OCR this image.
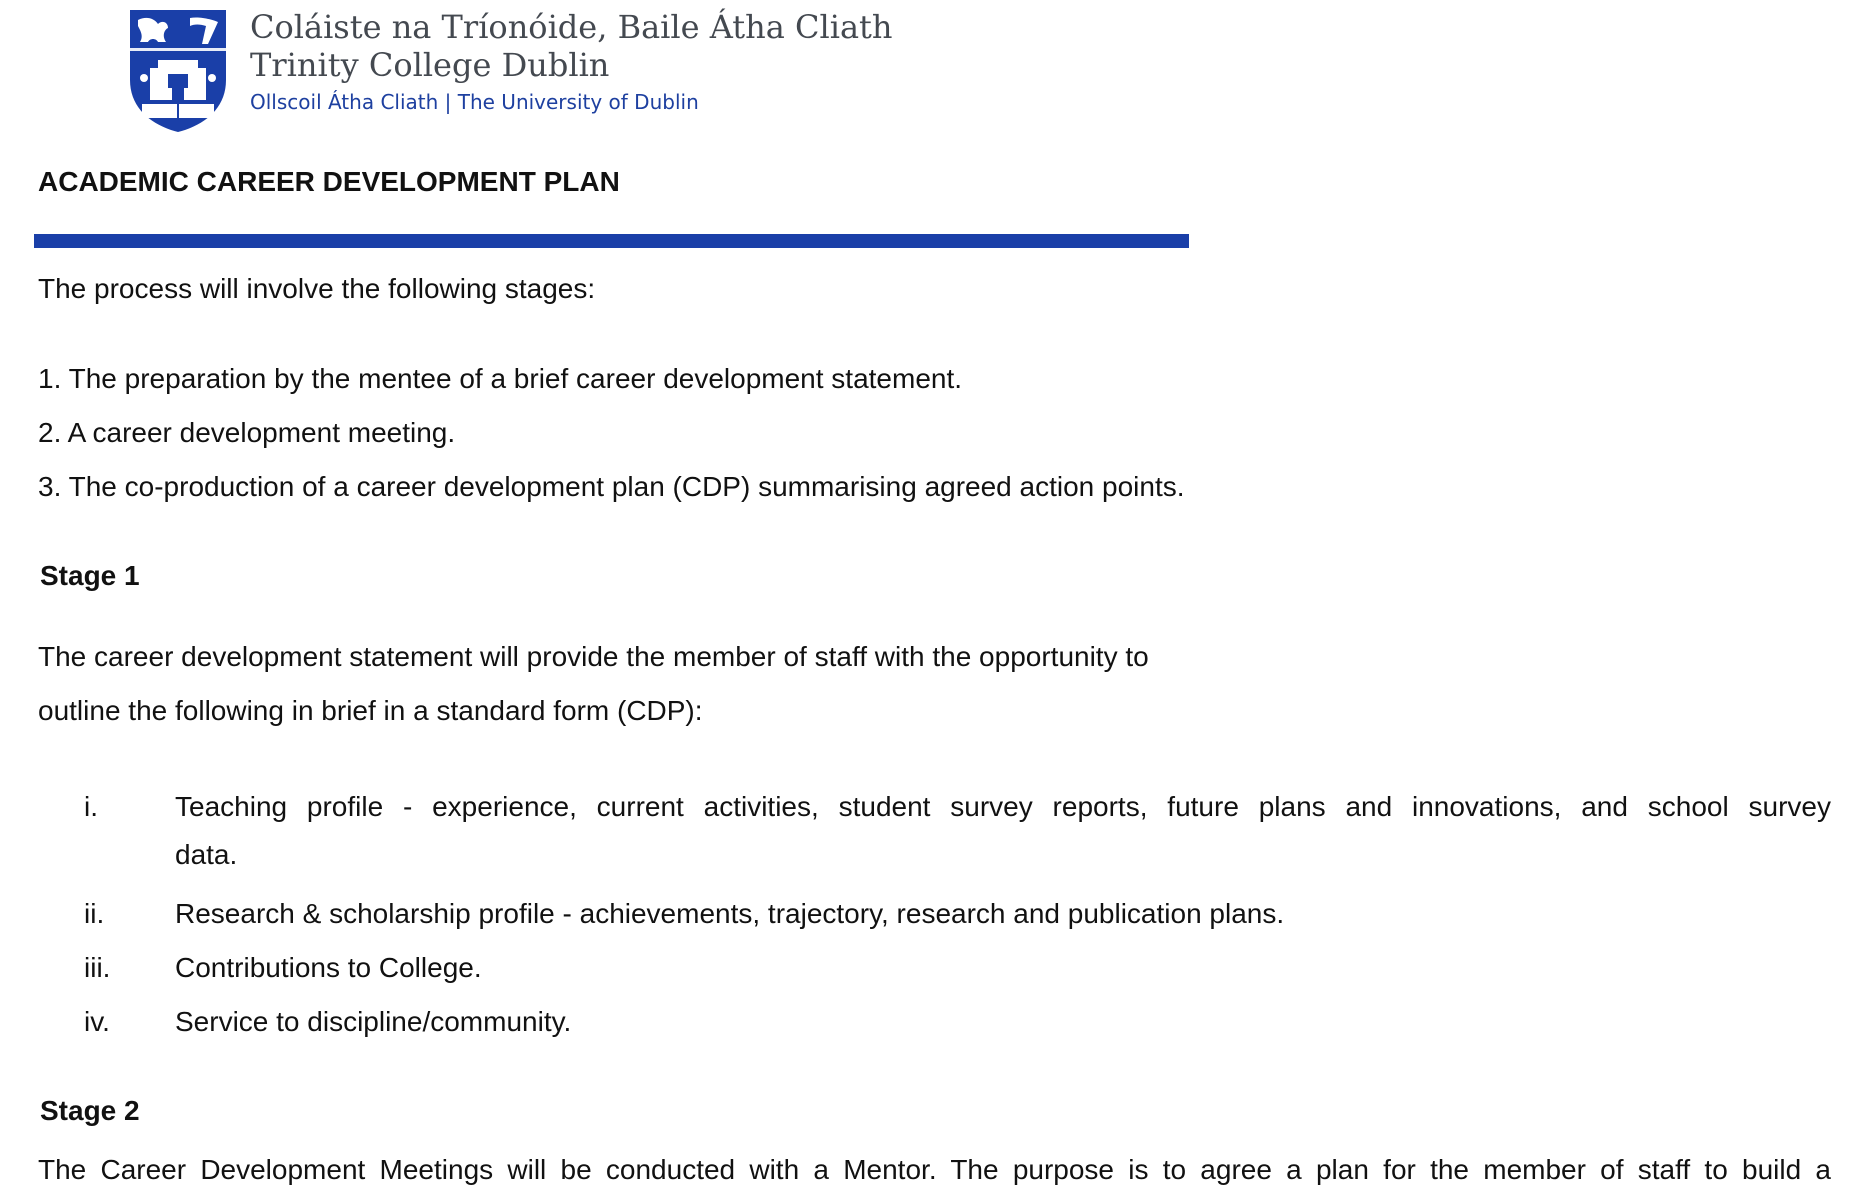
Coláiste na Tríonóide, Baile Átha Cliath
Trinity College Dublin
Ollscoil Átha Cliath | The University of Dublin
ACADEMIC CAREER DEVELOPMENT PLAN
The process will involve the following stages:
1. The preparation by the mentee of a brief career development statement.
2. A career development meeting.
3. The co-production of a career development plan (CDP) summarising agreed action points.
Stage 1
The career development statement will provide the member of staff with the opportunity to
outline the following in brief in a standard form (CDP):
i.	Teaching profile - experience, current activities, student survey reports, future plans and innovations, and school survey
data.
ii.	Research & scholarship profile - achievements, trajectory, research and publication plans.
iii. Contributions to College.
iv. Service to discipline/community.
Stage 2
The Career Development Meetings will be conducted with a Mentor. The purpose is to agree a plan for the member of staff to build a
